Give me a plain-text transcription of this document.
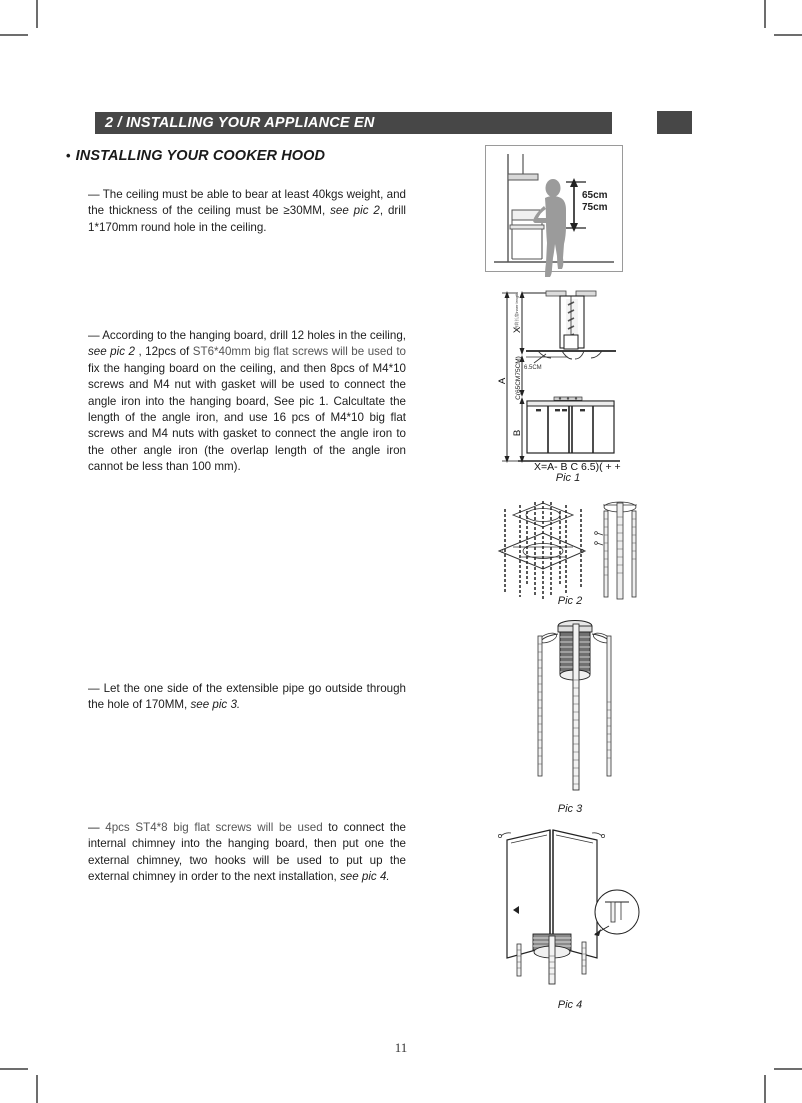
2 / INSTALLING YOUR APPLIANCE EN
• INSTALLING YOUR COOKER HOOD
— The ceiling must be able to bear at least 40kgs weight, and the thickness of the ceiling must be ≥30MM, see pic 2, drill 1*170mm round hole in the ceiling.
— According to the hanging board, drill 12 holes in the ceiling, see pic 2 , 12pcs of ST6*40mm big flat screws will be used to fix the hanging board on the ceiling, and then 8pcs of M4*10 screws and M4 nut with gasket will be used to connect the angle iron into the hanging board, See pic 1. Calcultate the length of the angle iron, and use 16 pcs of M4*10 big flat screws and M4 nuts with gasket to connect the angle iron to the other angle iron (the overlap length of the angle iron cannot be less than 100 mm).
— Let the one side of the extensible pipe go outside through the hole of 170MM, see pic 3.
— 4pcs ST4*8 big flat screws will be used to connect the internal chimney into the hanging board, then put one the external chimney, two hooks will be used to put up the external chimney in order to the next installation, see pic 4.
65cm
75cm
A
X
内筒长度lnner length
C(65CM75CM)
B
6.5CM
X=A- B C 6.5)( + +
Pic 1
1	2
Pic 2
Pic 3
Pic 4
11
